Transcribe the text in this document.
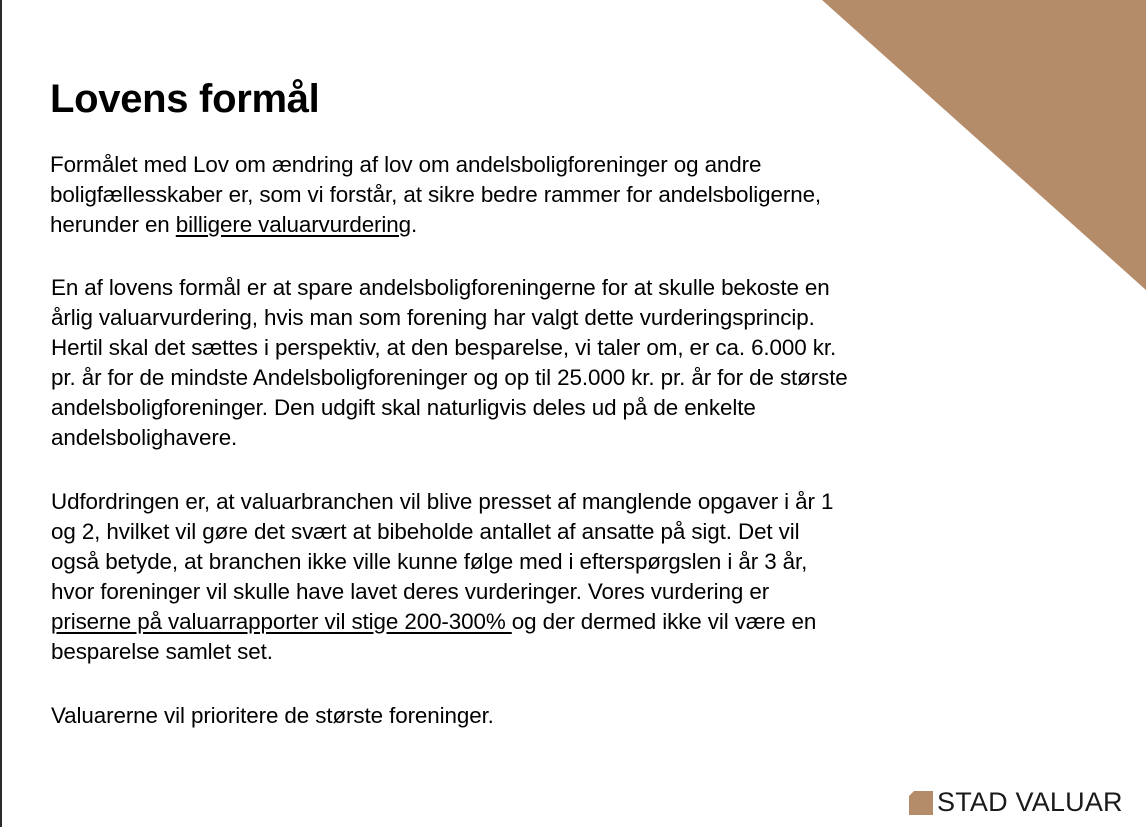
Lovens formål

Formålet med Lov om ændring af lov om andelsboligforeninger og andre boligfællesskaber er, som vi forstår, at sikre bedre rammer for andelsboligerne, herunder en billigere valuarvurdering.

En af lovens formål er at spare andelsboligforeningerne for at skulle bekoste en årlig valuarvurdering, hvis man som forening har valgt dette vurderingsprincip. Hertil skal det sættes i perspektiv, at den besparelse, vi taler om, er ca. 6.000 kr. pr. år for de mindste Andelsboligforeninger og op til 25.000 kr. pr. år for de største andelsboligforeninger. Den udgift skal naturligvis deles ud på de enkelte andelsbolighavere.

Udfordringen er, at valuarbranchen vil blive presset af manglende opgaver i år 1 og 2, hvilket vil gøre det svært at bibeholde antallet af ansatte på sigt. Det vil også betyde, at branchen ikke ville kunne følge med i efterspørgslen i år 3 år, hvor foreninger vil skulle have lavet deres vurderinger. Vores vurdering er priserne på valuarrapporter vil stige 200-300% og der dermed ikke vil være en besparelse samlet set.

Valuarerne vil prioritere de største foreninger.

STAD VALUAR
